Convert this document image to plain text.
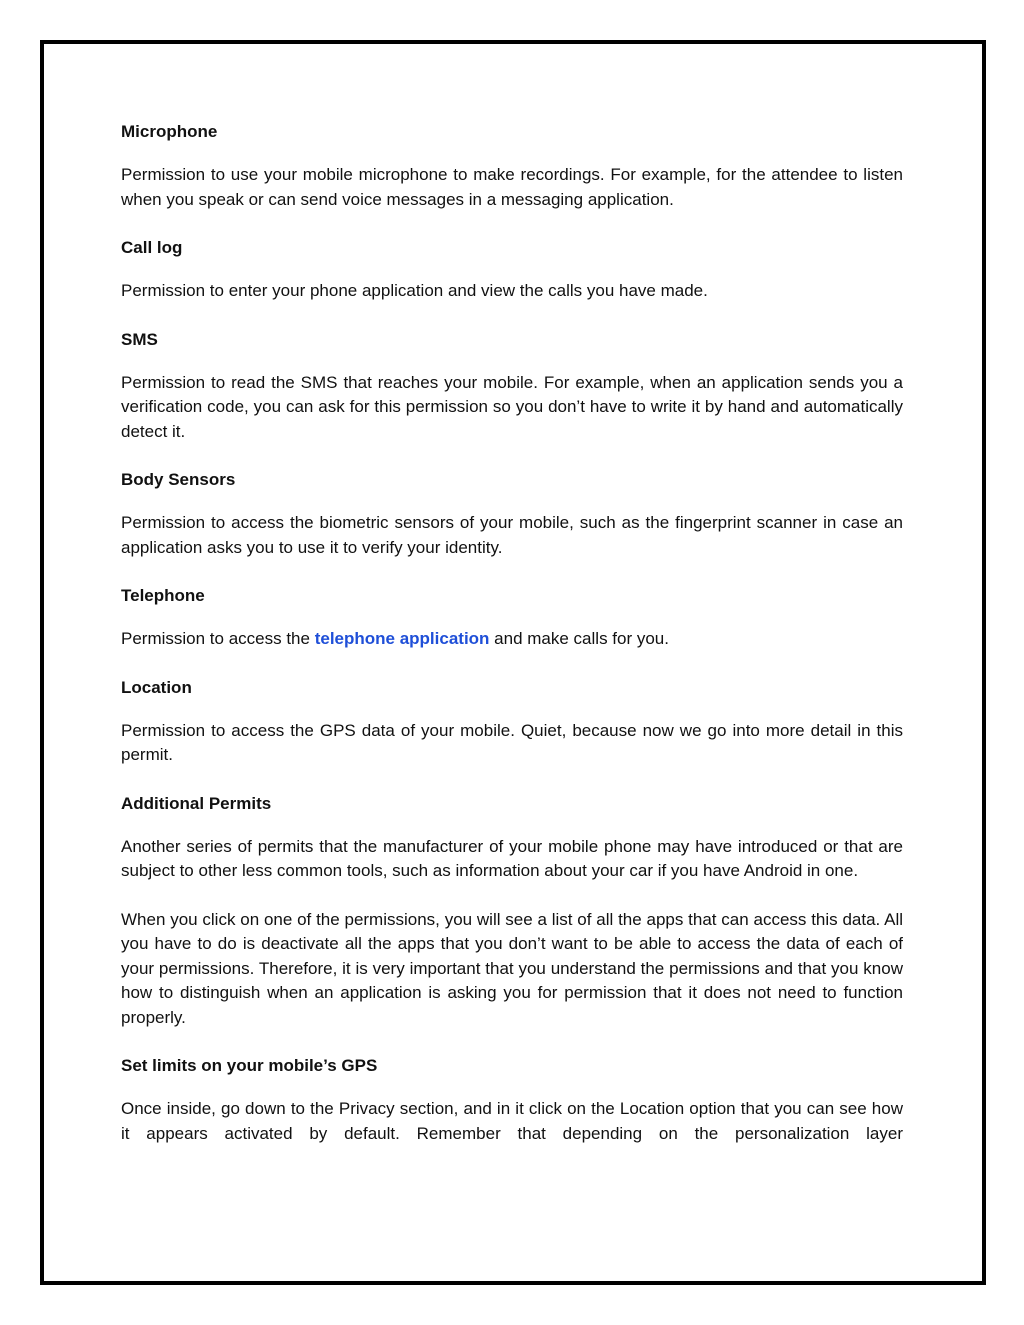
Microphone

Permission to use your mobile microphone to make recordings. For example, for the attendee to listen when you speak or can send voice messages in a messaging application.

Call log

Permission to enter your phone application and view the calls you have made.

SMS

Permission to read the SMS that reaches your mobile. For example, when an application sends you a verification code, you can ask for this permission so you don’t have to write it by hand and automatically detect it.

Body Sensors

Permission to access the biometric sensors of your mobile, such as the fingerprint scanner in case an application asks you to use it to verify your identity.

Telephone

Permission to access the telephone application and make calls for you.

Location

Permission to access the GPS data of your mobile. Quiet, because now we go into more detail in this permit.

Additional Permits

Another series of permits that the manufacturer of your mobile phone may have introduced or that are subject to other less common tools, such as information about your car if you have Android in one.

When you click on one of the permissions, you will see a list of all the apps that can access this data. All you have to do is deactivate all the apps that you don’t want to be able to access the data of each of your permissions. Therefore, it is very important that you understand the permissions and that you know how to distinguish when an application is asking you for permission that it does not need to function properly.

Set limits on your mobile’s GPS

Once inside, go down to the Privacy section, and in it click on the Location option that you can see how it appears activated by default. Remember that depending on the personalization layer
